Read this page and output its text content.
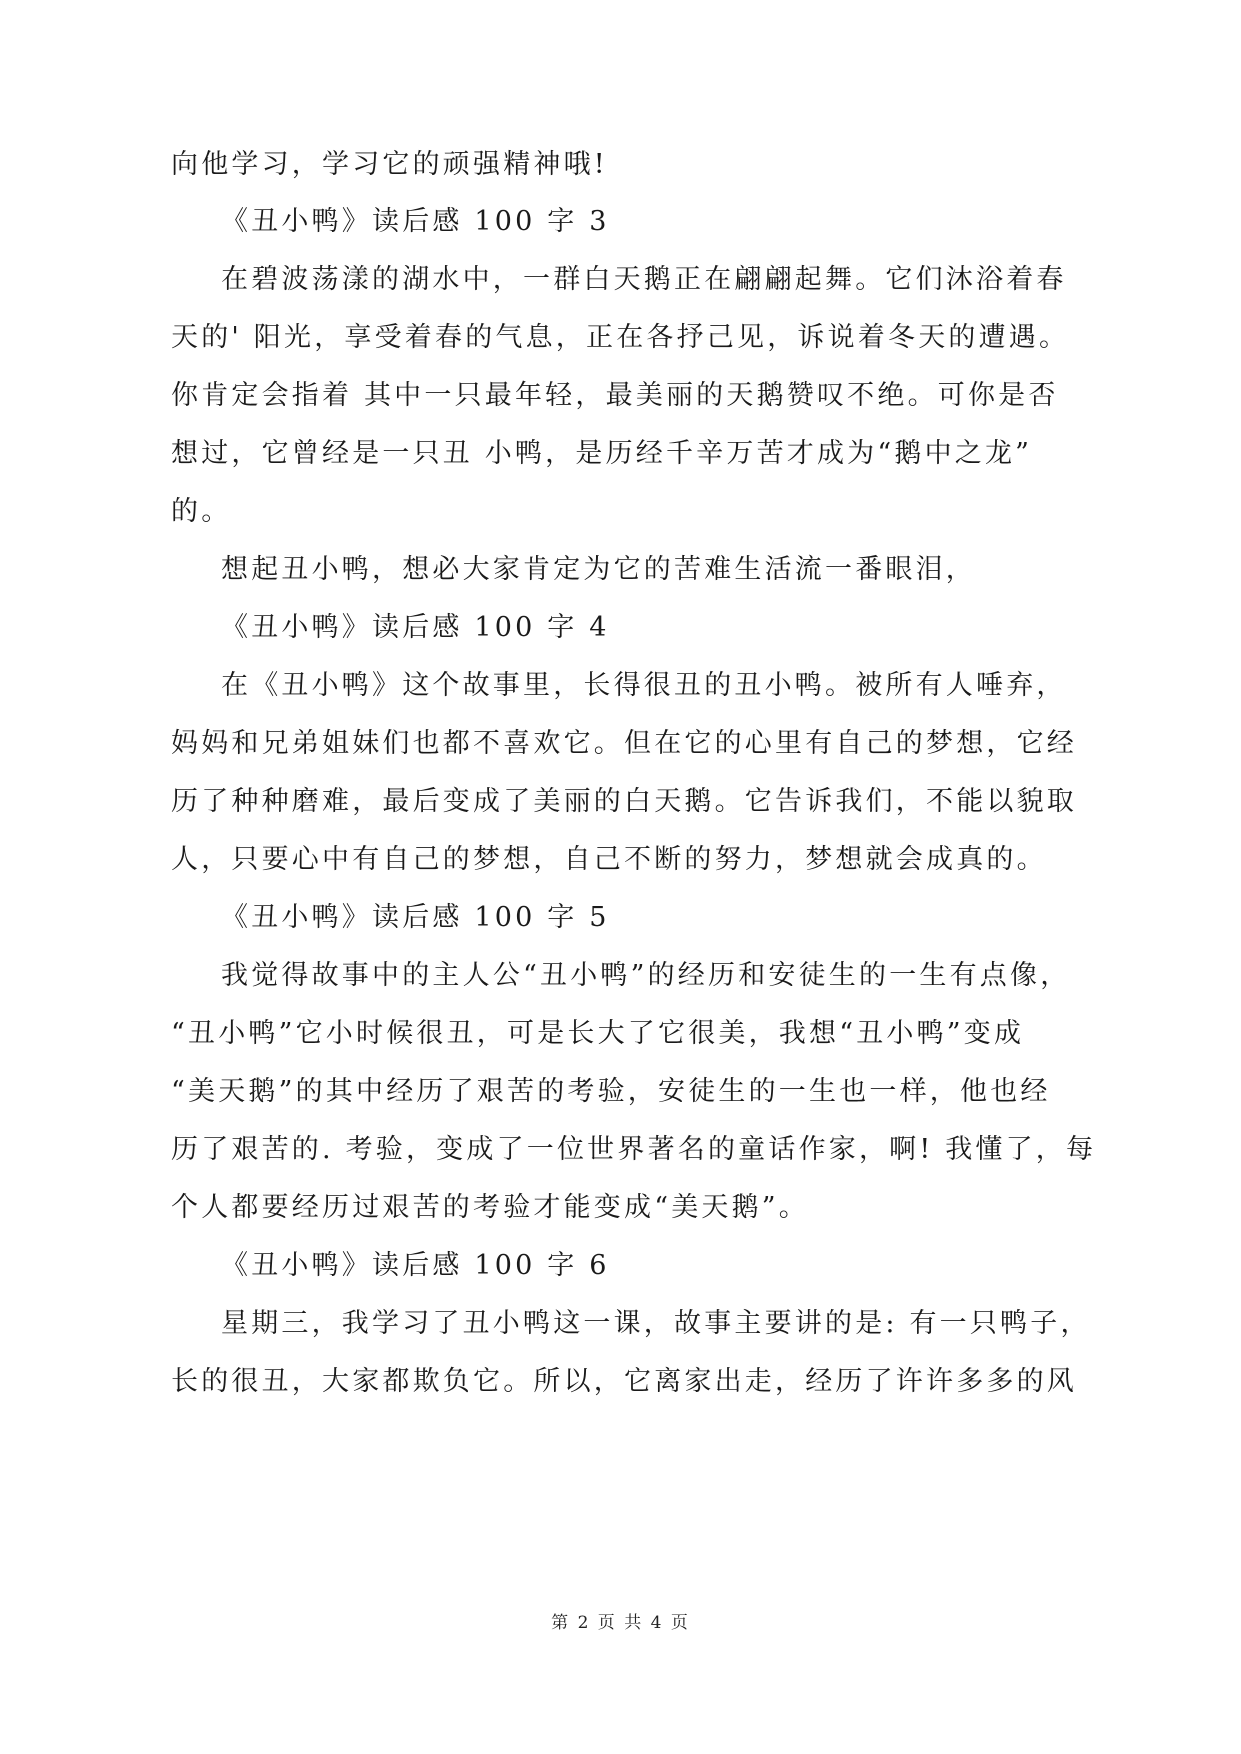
向他学习，学习它的顽强精神哦!
《丑小鸭》读后感 100 字 3
在碧波荡漾的湖水中，一群白天鹅正在翩翩起舞。它们沐浴着春
天的' 阳光，享受着春的气息，正在各抒己见，诉说着冬天的遭遇。
你肯定会指着 其中一只最年轻，最美丽的天鹅赞叹不绝。可你是否
想过，它曾经是一只丑 小鸭，是历经千辛万苦才成为“鹅中之龙”
的。
想起丑小鸭，想必大家肯定为它的苦难生活流一番眼泪，
《丑小鸭》读后感 100 字 4
在《丑小鸭》这个故事里，长得很丑的丑小鸭。被所有人唾弃，
妈妈和兄弟姐妹们也都不喜欢它。但在它的心里有自己的梦想，它经
历了种种磨难，最后变成了美丽的白天鹅。它告诉我们，不能以貌取
人，只要心中有自己的梦想，自己不断的努力，梦想就会成真的。
《丑小鸭》读后感 100 字 5
我觉得故事中的主人公“丑小鸭”的经历和安徒生的一生有点像，
“丑小鸭”它小时候很丑，可是长大了它很美，我想“丑小鸭”变成
“美天鹅”的其中经历了艰苦的考验，安徒生的一生也一样，他也经
历了艰苦的. 考验，变成了一位世界著名的童话作家，啊! 我懂了，每
个人都要经历过艰苦的考验才能变成“美天鹅”。
《丑小鸭》读后感 100 字 6
星期三，我学习了丑小鸭这一课，故事主要讲的是: 有一只鸭子，
长的很丑，大家都欺负它。所以，它离家出走，经历了许许多多的风
第 2 页 共 4 页
